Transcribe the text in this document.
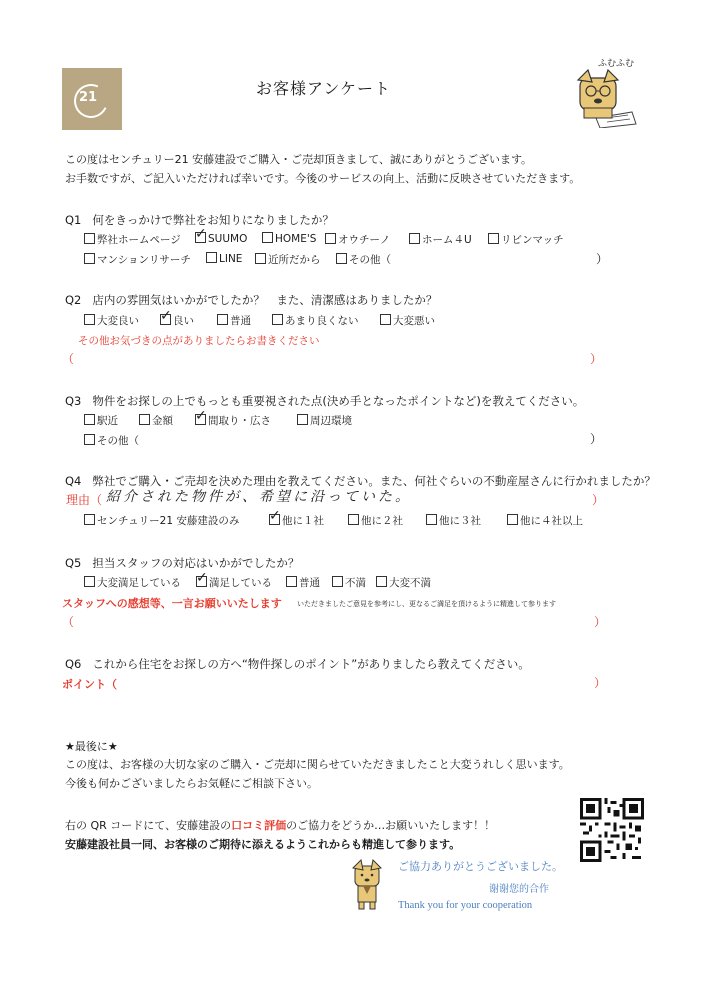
21	お客様アンケート
ふむふむ
この度はセンチュリー21 安藤建設でご購入・ご売却頂きまして、誠にありがとうございます。
お手数ですが、ご記入いただければ幸いです。今後のサービスの向上、活動に反映させていただきます。
Q1 何をきっかけで弊社をお知りになりましたか？
弊社ホームページ ✓ SUUMO	HOME'S	オウチーノ	ホーム４U	リビンマッチ
マンションリサーチ	LINE	近所だから	その他（	）
Q2 店内の雰囲気はいかがでしたか？　また、清潔感はありましたか？
大変良い ✓ 良い	普通	あまり良くない	大変悪い
その他お気づきの点がありましたらお書きください
（	）
Q3 物件をお探しの上でもっとも重要視された点(決め手となったポイントなど)を教えてください。
駅近	金額 ✓ 間取り・広さ	周辺環境
その他（	）
Q4 弊社でご購入・ご売却を決めた理由を教えてください。また、何社ぐらいの不動産屋さんに行かれましたか？
理由（ 紹介された物件が、希望に沿っていた。	）
センチュリー21 安藤建設のみ ✓ 他に１社	他に２社	他に３社	他に４社以上
Q5 担当スタッフの対応はいかがでしたか？
大変満足している ✓ 満足している	普通	不満	大変不満
スタッフへの感想等、一言お願いいたします いただきましたご意見を参考にし、更なるご満足を頂けるように精進して参ります
（	）
Q6 これから住宅をお探しの方へ“物件探しのポイント”がありましたら教えてください。
ポイント（	）
★最後に★
この度は、お客様の大切な家のご購入・ご売却に関らせていただきましたこと大変うれしく思います。
今後も何かございましたらお気軽にご相談下さい。
右の QR コードにて、安藤建設の口コミ評価のご協力をどうか…お願いいたします！！
安藤建設社員一同、お客様のご期待に添えるようこれからも精進して参ります。
ご協力ありがとうございました。
谢谢您的合作
Thank you for your cooperation
